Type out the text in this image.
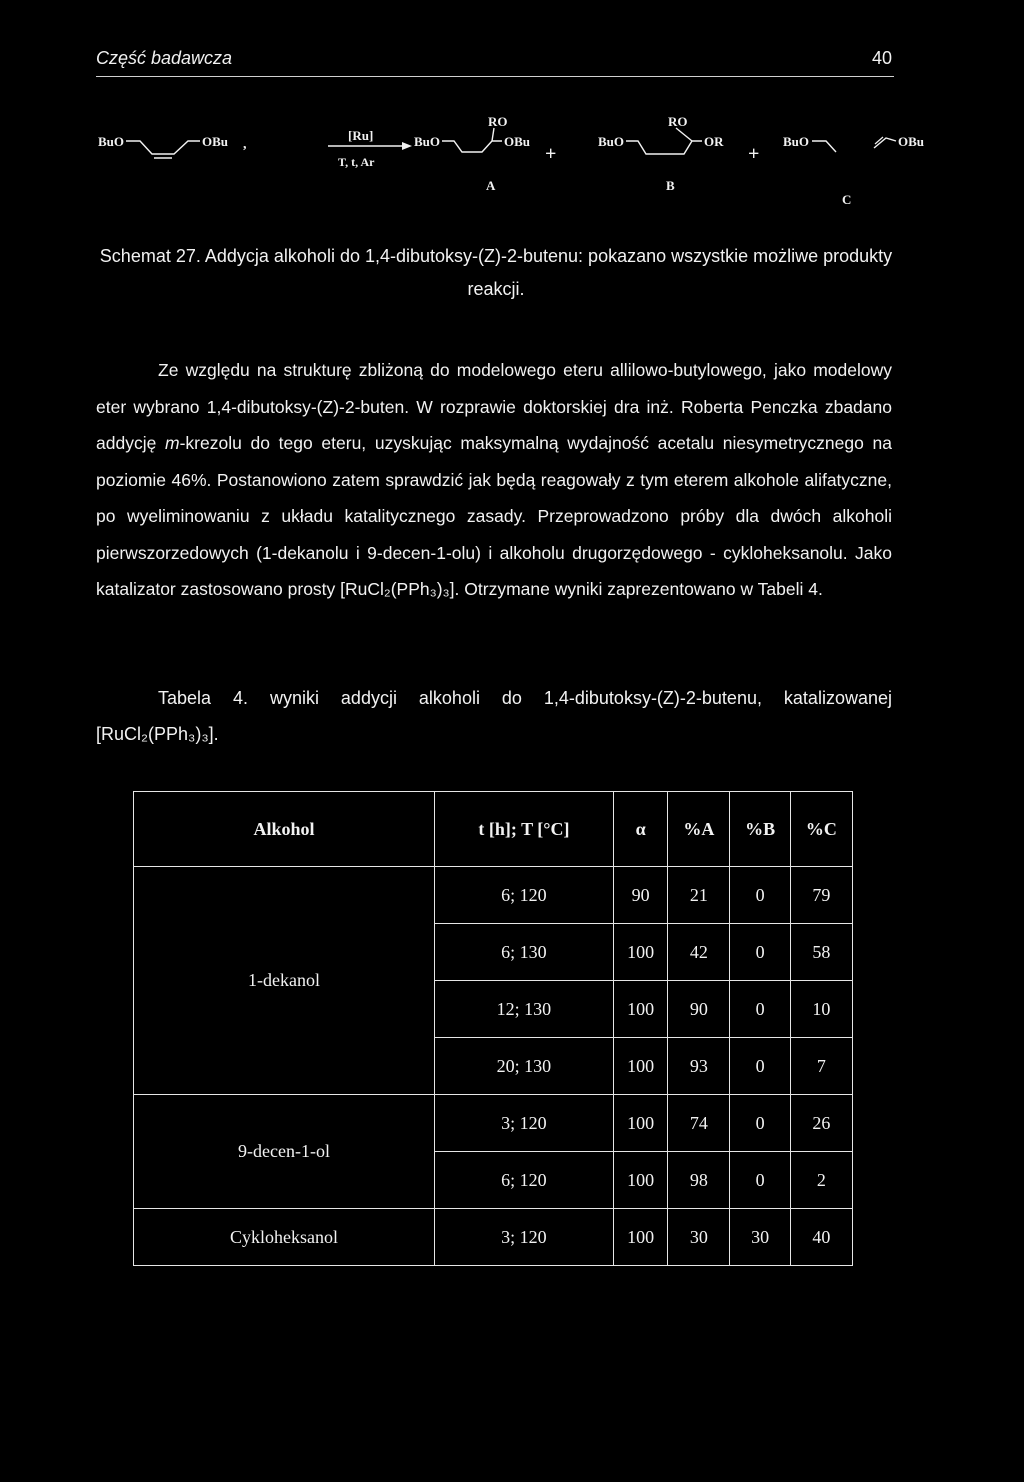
Część badawcza	40
BuO	OBu ,
[Ru]
T, t, Ar
RO
BuO	OBu
+
A
RO
BuO	OR
+
B
BuO	OBu
C
Schemat 27. Addycja alkoholi do 1,4-dibutoksy-(Z)-2-butenu: pokazano wszystkie możliwe produkty reakcji.

Ze względu na strukturę zbliżoną do modelowego eteru allilowo-butylowego, jako modelowy eter wybrano 1,4-dibutoksy-(Z)-2-buten. W rozprawie doktorskiej dra inż. Roberta Penczka zbadano addycję m-krezolu do tego eteru, uzyskując maksymalną wydajność acetalu niesymetrycznego na poziomie 46%. Postanowiono zatem sprawdzić jak będą reagowały z tym eterem alkohole alifatyczne, po wyeliminowaniu z układu katalitycznego zasady. Przeprowadzono próby dla dwóch alkoholi pierwszorzedowych (1-dekanolu i 9-decen-1-olu) i alkoholu drugorzędowego - cykloheksanolu. Jako katalizator zastosowano prosty [RuCl₂(PPh₃)₃]. Otrzymane wyniki zaprezentowano w Tabeli 4.

Tabela 4. wyniki addycji alkoholi do 1,4-dibutoksy-(Z)-2-butenu, katalizowanej [RuCl₂(PPh₃)₃].
Alkohol	t [h]; T [°C]	α	%A	%B	%C
1-dekanol	6; 120	90	21	0	79
	6; 130	100	42	0	58
	12; 130	100	90	0	10
	20; 130	100	93	0	7
9-decen-1-ol	3; 120	100	74	0	26
	6; 120	100	98	0	2
Cykloheksanol	3; 120	100	30	30	40
